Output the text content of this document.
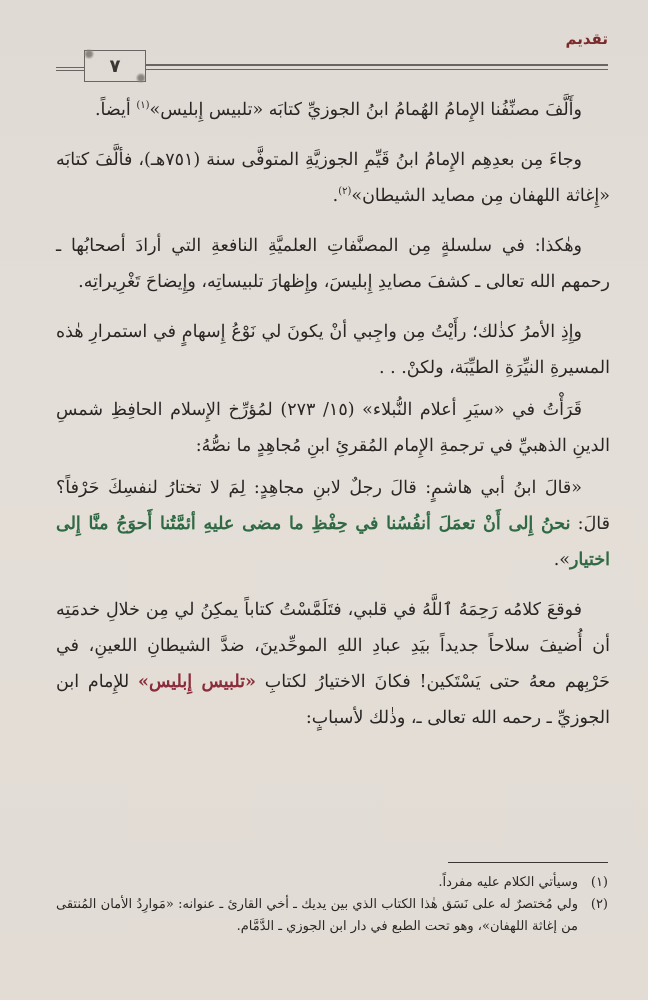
تقديم
٧

وأَلَّفَ مصنِّفُنا الإِمامُ الهُمامُ ابنُ الجوزيِّ كتابَه «تلبيس إِبليس»$^{(١)}$ أيضاً.

وجاءَ مِن بعدِهِم الإِمامُ ابنُ قَيِّمِ الجوزيَّةِ المتوفَّى سنة (٧٥١هـ)، فألَّفَ كتابَه «إِغاثة اللهفان مِن مصايد الشيطان»$^{(٢)}$.

وهٰكذا: في سلسلةٍ مِن المصنَّفاتِ العلميَّةِ النافعةِ التي أرادَ أصحابُها ـ رحمهم الله تعالى ـ كشفَ مصايدِ إِبليسَ، وإِظهارَ تلبيساتِه، وإِيضاحَ تَغْرِيراتِه.

وإِذِ الأمرُ كذٰلك؛ رأَيْتُ مِن واجِبي أنْ يكونَ لي نَوْعُ إِسهامٍ في استمرارِ هٰذه المسيرةِ النيِّرَةِ الطيِّبَة، ولكنْ. . .

قَرَأْتُ في «سيَرِ أعلام النُّبلاء» (١٥/ ٢٧٣) لمُؤرِّخ الإِسلام الحافِظِ شمسِ الدينِ الذهبيِّ في ترجمةِ الإِمام المُقرئِ ابنِ مُجاهِدٍ ما نصُّهُ:

«قالَ ابنُ أبي هاشمٍ: قالَ رجلٌ لابنِ مجاهِدٍ: لِمَ لا تختارُ لنفسِكَ حَرْفاً؟ قالَ: نحنُ إِلى أَنْ تعمَلَ أنفُسُنا في حِفْظِ ما مضى عليهِ أئمَّتُنا أَحوَجُ منَّا إِلى اختيار».

فوقعَ كلامُه رَحِمَهُ ٱللَّهُ في قلبي، فتَلَمَّسْتُ كتاباً يمكِنُ لي مِن خلالِ خدمَتِه أن أُضيفَ سلاحاً جديداً بيَدِ عبادِ اللهِ الموحِّدينَ، ضدَّ الشيطانِ اللعينِ، في حَرْبِهم معهُ حتى يَسْتَكين! فكانَ الاختيارُ لكتابِ «تلبيس إِبليس» للإِمام ابن الجوزيِّ ـ رحمه الله تعالى ـ، وذٰلك لأسبابٍ:

(١)
وسيأتي الكلام عليه مفرداً.

(٢)
ولي مُختصرٌ له على نَسَق هٰذا الكتاب الذي بين يديك ـ أخي القارئ ـ عنوانه: «مَوارِدُ الأمان المُنتقى من إغاثة اللهفان»، وهو تحت الطبع في دار ابن الجوزي ـ الدَّمَّام.
